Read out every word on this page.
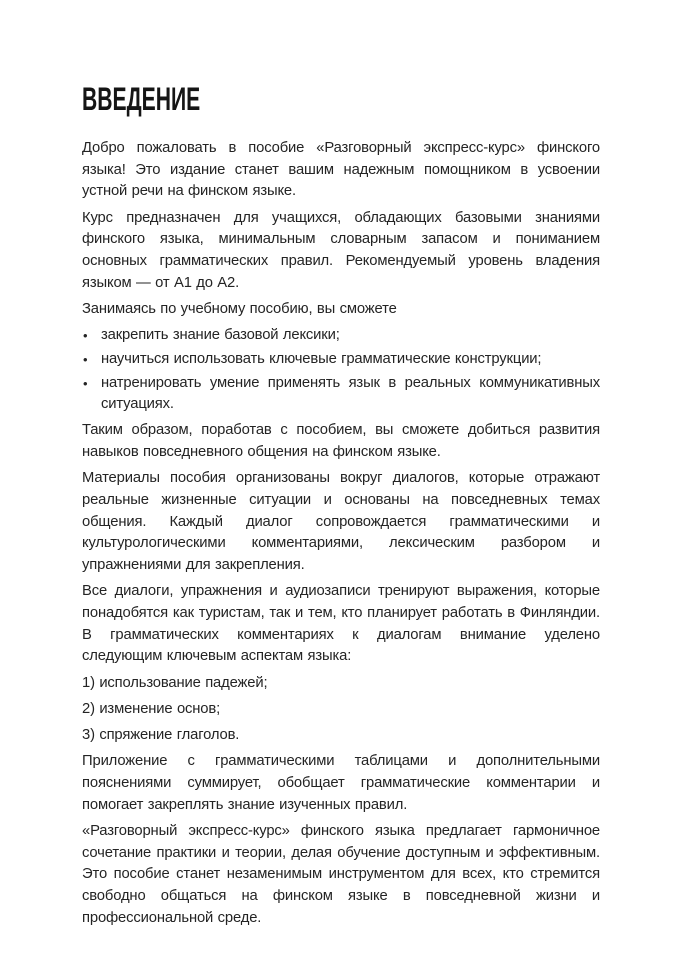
ВВЕДЕНИЕ

Добро пожаловать в пособие «Разговорный экспресс-курс» финского языка! Это издание станет вашим надежным помощником в усвоении устной речи на финском языке.

Курс предназначен для учащихся, обладающих базовыми знаниями финского языка, минимальным словарным запасом и пониманием основных грамматических правил. Рекомендуемый уровень владения языком — от А1 до А2.

Занимаясь по учебному пособию, вы сможете

• закрепить знание базовой лексики;
• научиться использовать ключевые грамматические конструкции;
• натренировать умение применять язык в реальных коммуникативных ситуациях.

Таким образом, поработав с пособием, вы сможете добиться развития навыков повседневного общения на финском языке.

Материалы пособия организованы вокруг диалогов, которые отражают реальные жизненные ситуации и основаны на повседневных темах общения. Каждый диалог сопровождается грамматическими и культурологическими комментариями, лексическим разбором и упражнениями для закрепления.

Все диалоги, упражнения и аудиозаписи тренируют выражения, которые понадобятся как туристам, так и тем, кто планирует работать в Финляндии. В грамматических комментариях к диалогам внимание уделено следующим ключевым аспектам языка:

1) использование падежей;

2) изменение основ;

3) спряжение глаголов.

Приложение с грамматическими таблицами и дополнительными пояснениями суммирует, обобщает грамматические комментарии и помогает закреплять знание изученных правил.

«Разговорный экспресс-курс» финского языка предлагает гармоничное сочетание практики и теории, делая обучение доступным и эффективным. Это пособие станет незаменимым инструментом для всех, кто стремится свободно общаться на финском языке в повседневной жизни и профессиональной среде.
